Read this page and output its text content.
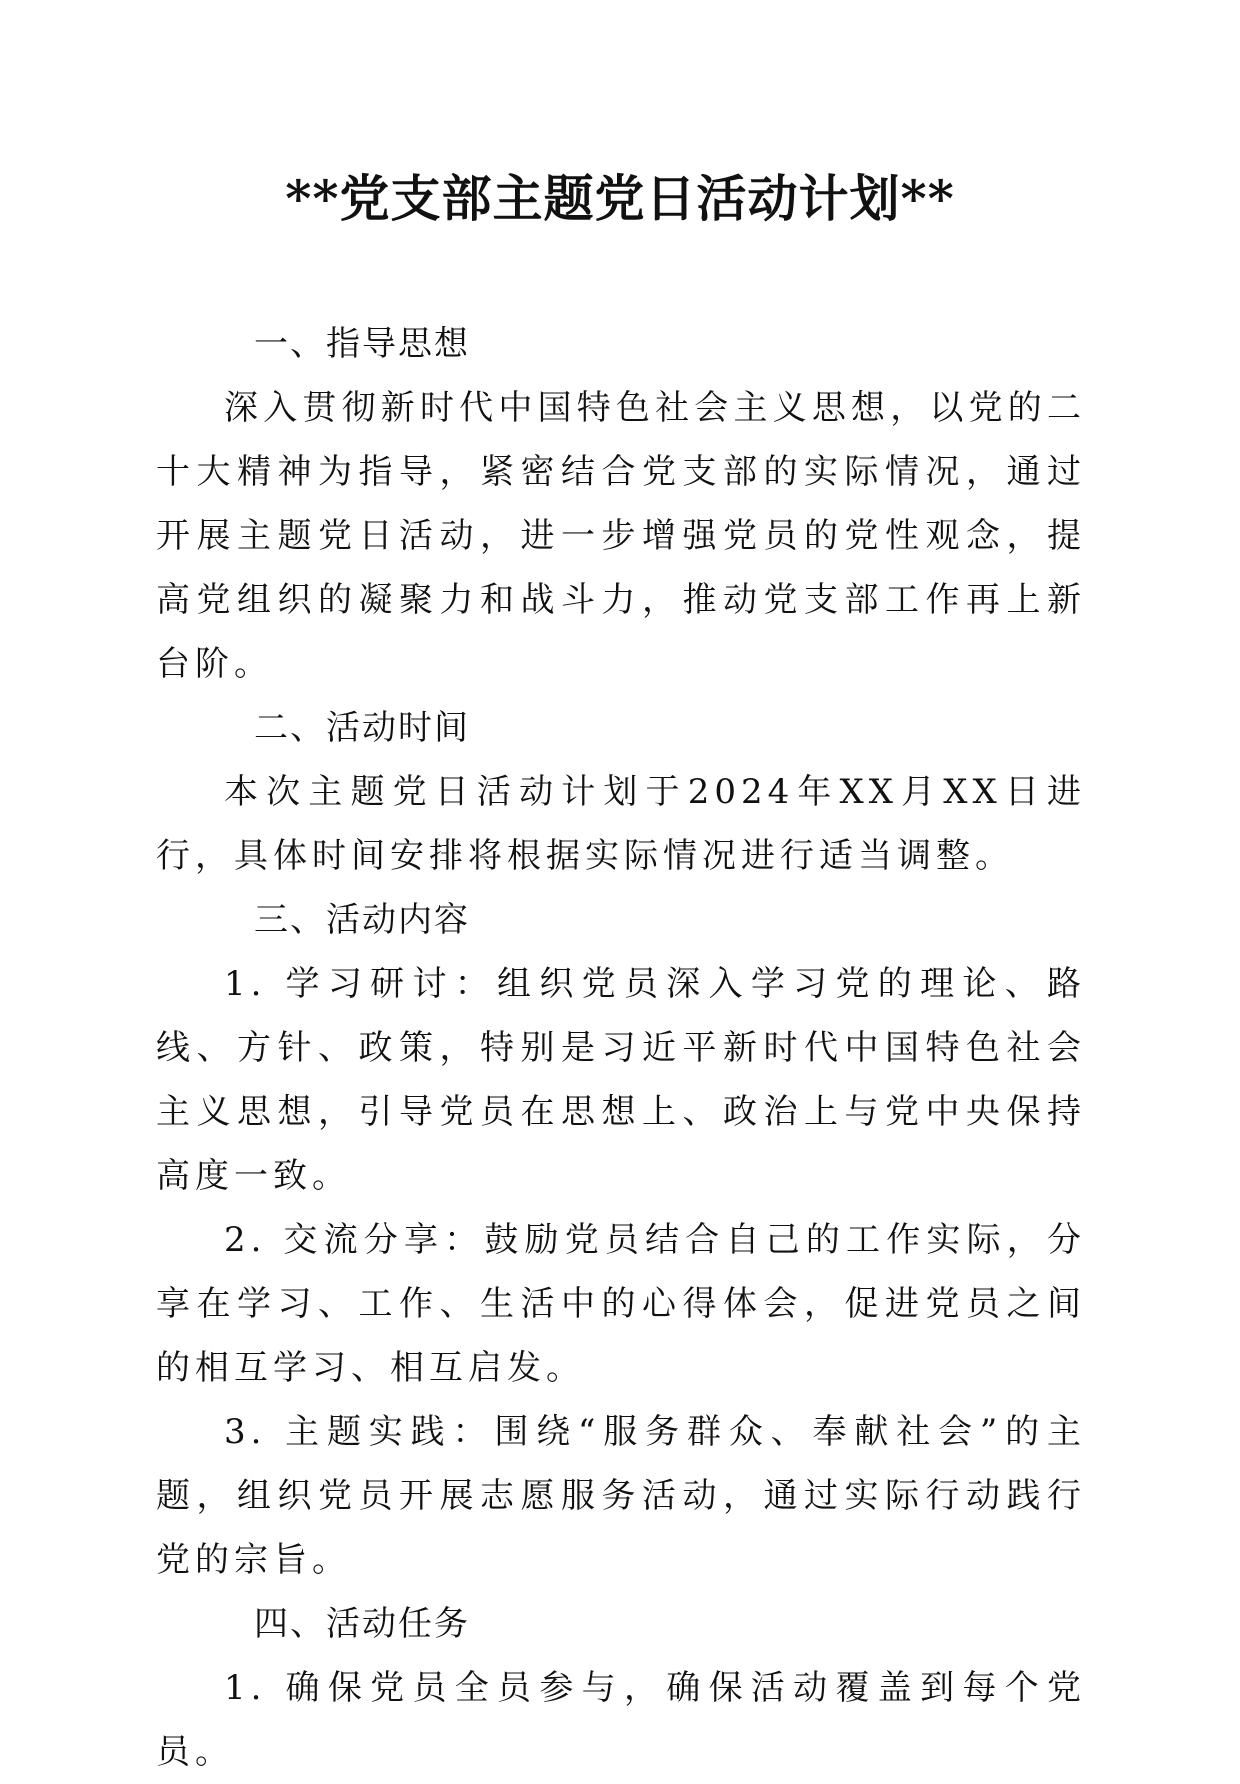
**党支部主题党日活动计划**
一、指导思想

深入贯彻新时代中国特色社会主义思想，以党的二十大精神为指导，紧密结合党支部的实际情况，通过开展主题党日活动，进一步增强党员的党性观念，提高党组织的凝聚力和战斗力，推动党支部工作再上新台阶。

二、活动时间

本次主题党日活动计划于2024年XX月XX日进行，具体时间安排将根据实际情况进行适当调整。

三、活动内容

1. 学习研讨：组织党员深入学习党的理论、路线、方针、政策，特别是习近平新时代中国特色社会主义思想，引导党员在思想上、政治上与党中央保持高度一致。

2. 交流分享：鼓励党员结合自己的工作实际，分享在学习、工作、生活中的心得体会，促进党员之间的相互学习、相互启发。

3. 主题实践：围绕“服务群众、奉献社会”的主题，组织党员开展志愿服务活动，通过实际行动践行党的宗旨。

四、活动任务

1. 确保党员全员参与，确保活动覆盖到每个党员。
